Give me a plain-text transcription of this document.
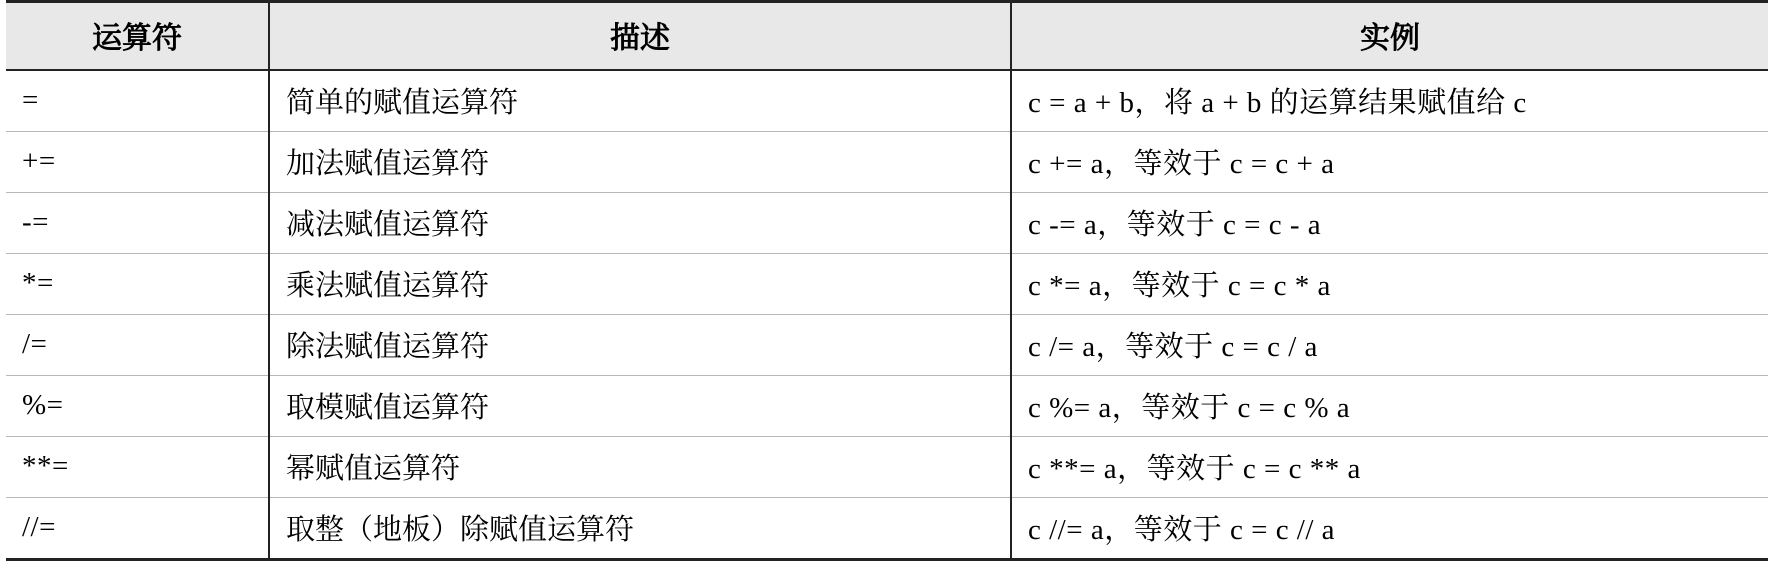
运算符	描述	实例
=	简单的赋值运算符	c = a + b，将 a + b 的运算结果赋值给 c
+=	加法赋值运算符	c += a，等效于 c = c + a
-=	减法赋值运算符	c -= a，等效于 c = c - a
*=	乘法赋值运算符	c *= a，等效于 c = c * a
/=	除法赋值运算符	c /= a，等效于 c = c / a
%=	取模赋值运算符	c %= a，等效于 c = c % a
**=	幂赋值运算符	c **= a，等效于 c = c ** a
//=	取整（地板）除赋值运算符	c //= a，等效于 c = c // a
